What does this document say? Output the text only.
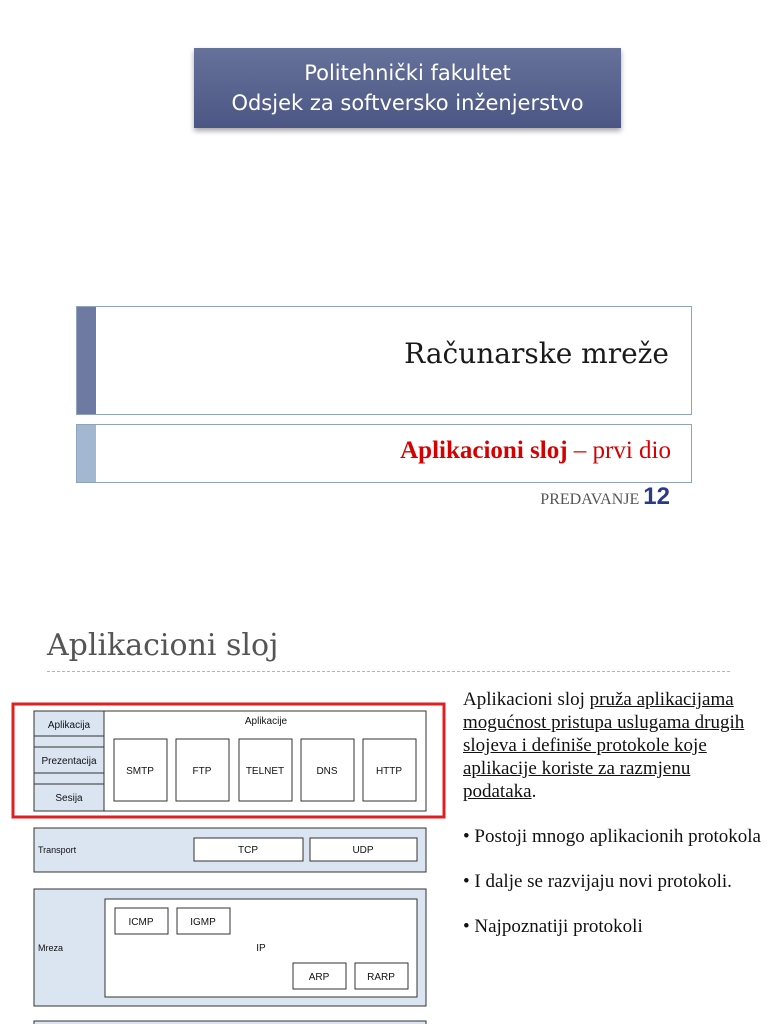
Politehnički fakultet
Odsjek za softversko inženjerstvo
Računarske mreže
Aplikacioni sloj – prvi dio
PREDAVANJE 12
Aplikacioni sloj
Aplikacija
Prezentacija
Sesija
Aplikacije
SMTP	FTP	TELNET	DNS	HTTP
Transport	TCP	UDP
Mreza
ICMP	IGMP
IP
ARP	RARP

Aplikacioni sloj pruža aplikacijama mogućnost pristupa uslugama drugih slojeva i definiše protokole koje aplikacije koriste za razmjenu podataka.

• Postoji mnogo aplikacionih protokola

• I dalje se razvijaju novi protokoli.

• Najpoznatiji protokoli
